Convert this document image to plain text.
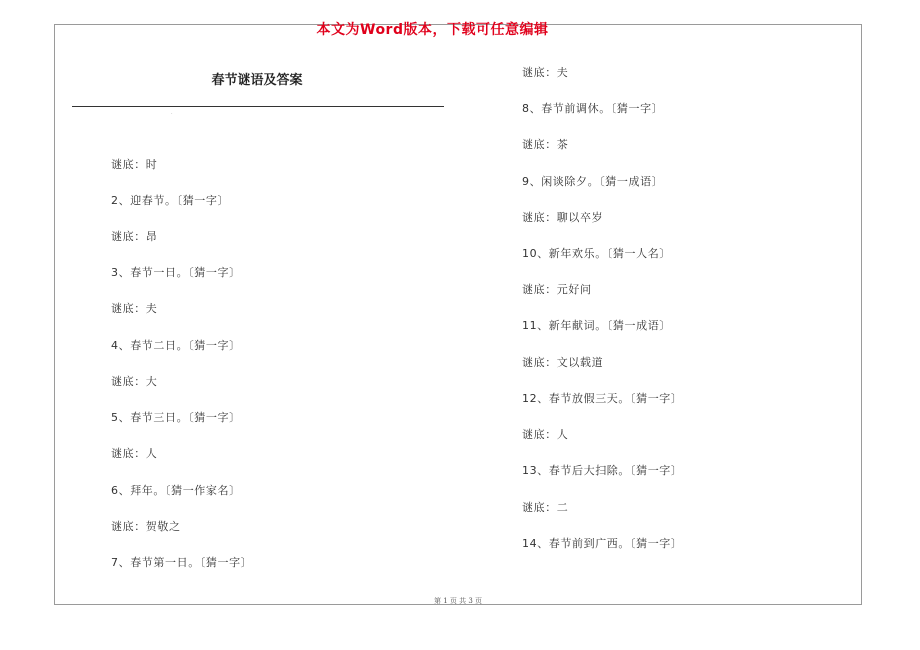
本文为Word版本，下载可任意编辑
春节谜语及答案
·
谜底：时
2、迎春节。〔猜一字〕
谜底：昂
3、春节一日。〔猜一字〕
谜底：夫
4、春节二日。〔猜一字〕
谜底：大
5、春节三日。〔猜一字〕
谜底：人
6、拜年。〔猜一作家名〕
谜底：贺敬之
7、春节第一日。〔猜一字〕
谜底：夫
8、春节前调休。〔猜一字〕
谜底：茶
9、闲谈除夕。〔猜一成语〕
谜底：聊以卒岁
10、新年欢乐。〔猜一人名〕
谜底：元好问
11、新年献词。〔猜一成语〕
谜底：文以载道
12、春节放假三天。〔猜一字〕
谜底：人
13、春节后大扫除。〔猜一字〕
谜底：二
14、春节前到广西。〔猜一字〕
第 1 页 共 3 页
